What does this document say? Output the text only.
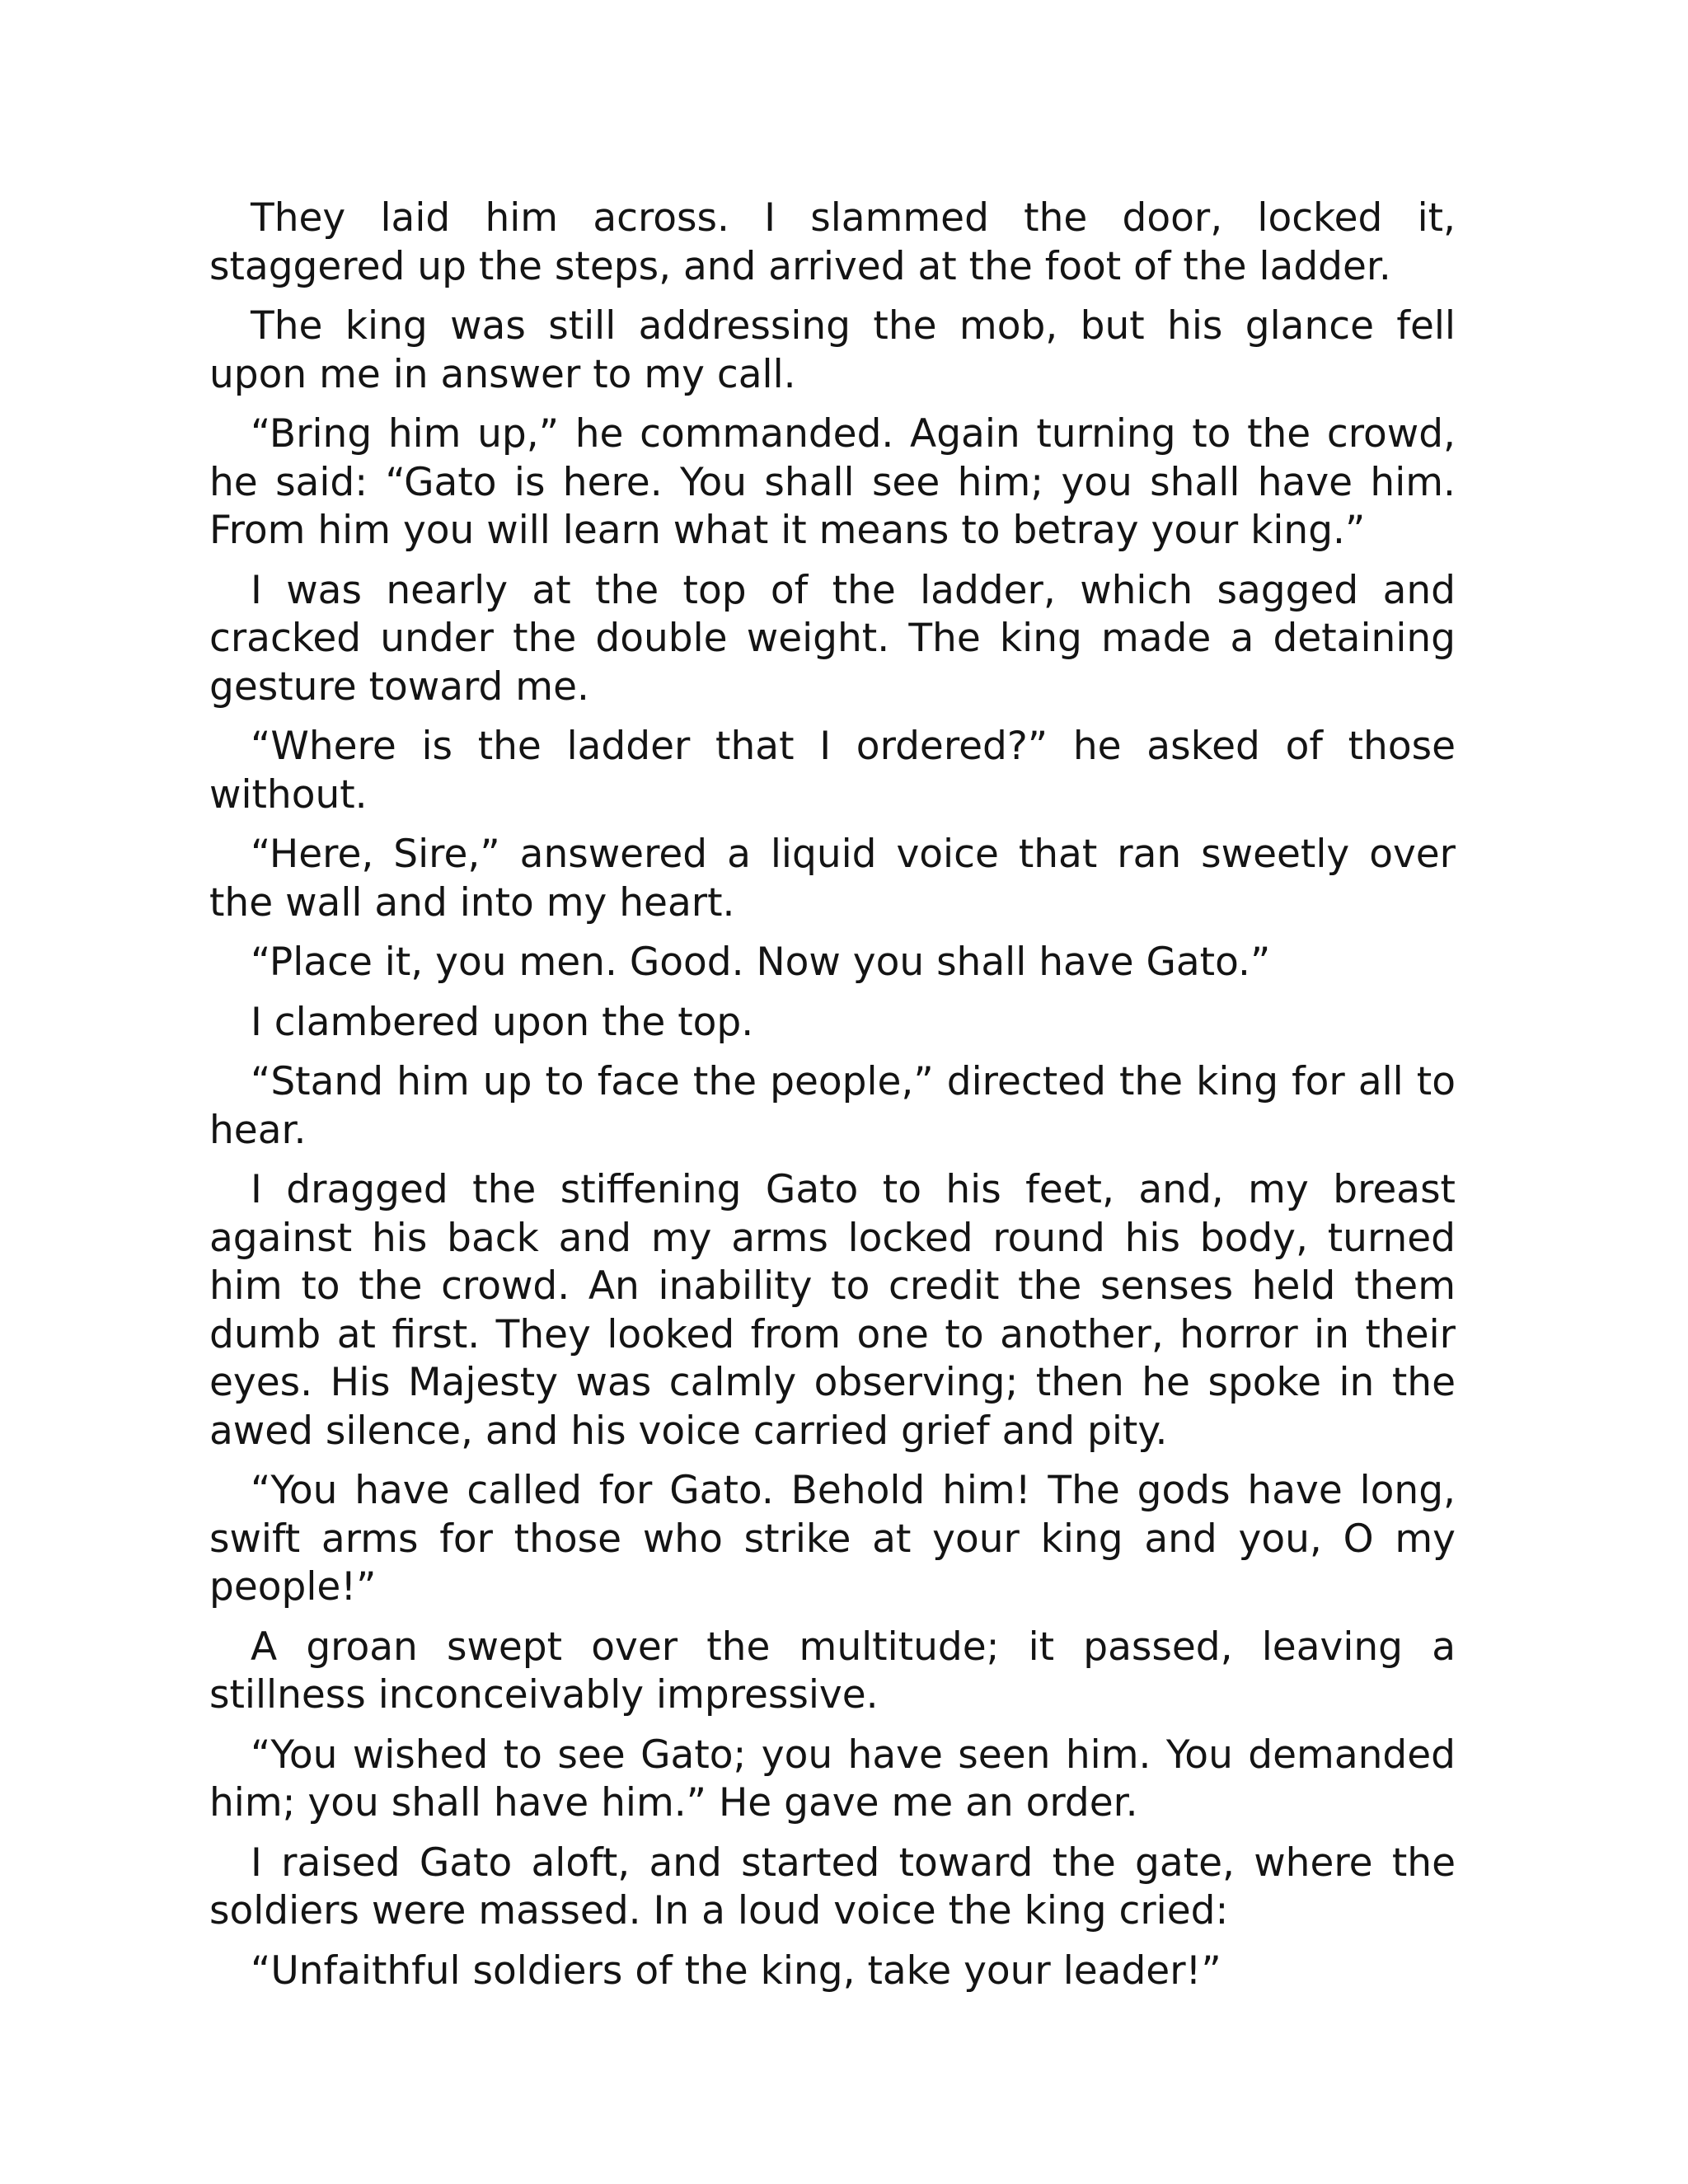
They laid him across. I slammed the door, locked it, staggered up the steps, and arrived at the foot of the ladder.

The king was still addressing the mob, but his glance fell upon me in answer to my call.

“Bring him up,” he commanded. Again turning to the crowd, he said: “Gato is here. You shall see him; you shall have him. From him you will learn what it means to betray your king.”

I was nearly at the top of the ladder, which sagged and cracked under the double weight. The king made a detaining gesture toward me.

“Where is the ladder that I ordered?” he asked of those without.

“Here, Sire,” answered a liquid voice that ran sweetly over the wall and into my heart.

“Place it, you men. Good. Now you shall have Gato.”

I clambered upon the top.

“Stand him up to face the people,” directed the king for all to hear.

I dragged the stiffening Gato to his feet, and, my breast against his back and my arms locked round his body, turned him to the crowd. An inability to credit the senses held them dumb at first. They looked from one to another, horror in their eyes. His Majesty was calmly observing; then he spoke in the awed silence, and his voice carried grief and pity.

“You have called for Gato. Behold him! The gods have long, swift arms for those who strike at your king and you, O my people!”

A groan swept over the multitude; it passed, leaving a stillness inconceivably impressive.

“You wished to see Gato; you have seen him. You demanded him; you shall have him.” He gave me an order.

I raised Gato aloft, and started toward the gate, where the soldiers were massed. In a loud voice the king cried:

“Unfaithful soldiers of the king, take your leader!”
